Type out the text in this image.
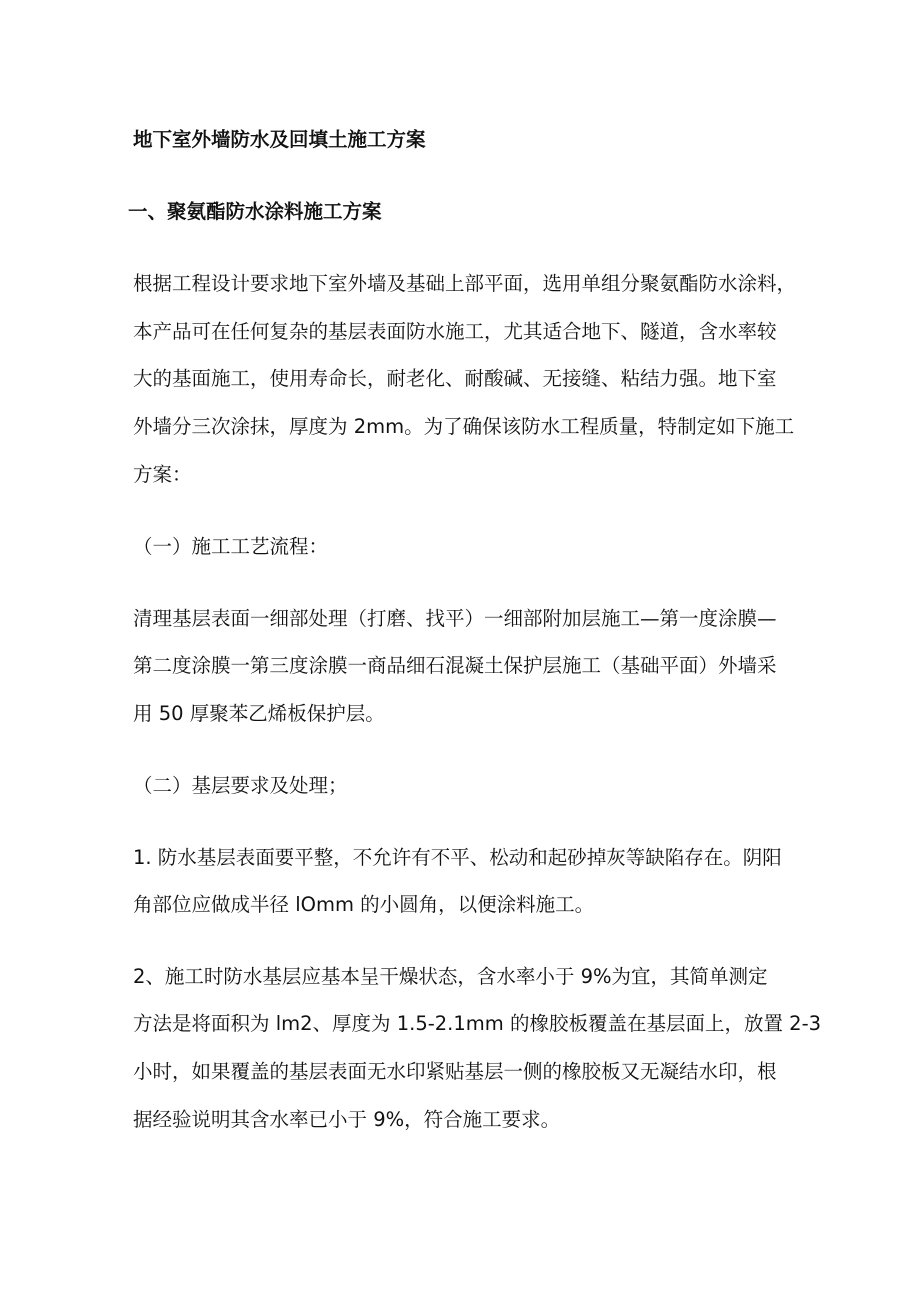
地下室外墙防水及回填土施工方案
一、聚氨酯防水涂料施工方案
根据工程设计要求地下室外墙及基础上部平面，选用单组分聚氨酯防水涂料，
本产品可在任何复杂的基层表面防水施工，尤其适合地下、隧道，含水率较
大的基面施工，使用寿命长，耐老化、耐酸碱、无接缝、粘结力强。地下室
外墙分三次涂抹，厚度为 2mm。为了确保该防水工程质量，特制定如下施工
方案：
（一）施工工艺流程：
清理基层表面一细部处理（打磨、找平）一细部附加层施工—第一度涂膜—
第二度涂膜一第三度涂膜一商品细石混凝土保护层施工（基础平面）外墙采
用 50 厚聚苯乙烯板保护层。
（二）基层要求及处理；
1. 防水基层表面要平整，不允许有不平、松动和起砂掉灰等缺陷存在。阴阳
角部位应做成半径 lOmm 的小圆角，以便涂料施工。
2、施工时防水基层应基本呈干燥状态，含水率小于 9%为宜，其简单测定
方法是将面积为 lm2、厚度为 1.5-2.1mm 的橡胶板覆盖在基层面上，放置 2-3
小时，如果覆盖的基层表面无水印紧贴基层一侧的橡胶板又无凝结水印，根
据经验说明其含水率已小于 9%，符合施工要求。
